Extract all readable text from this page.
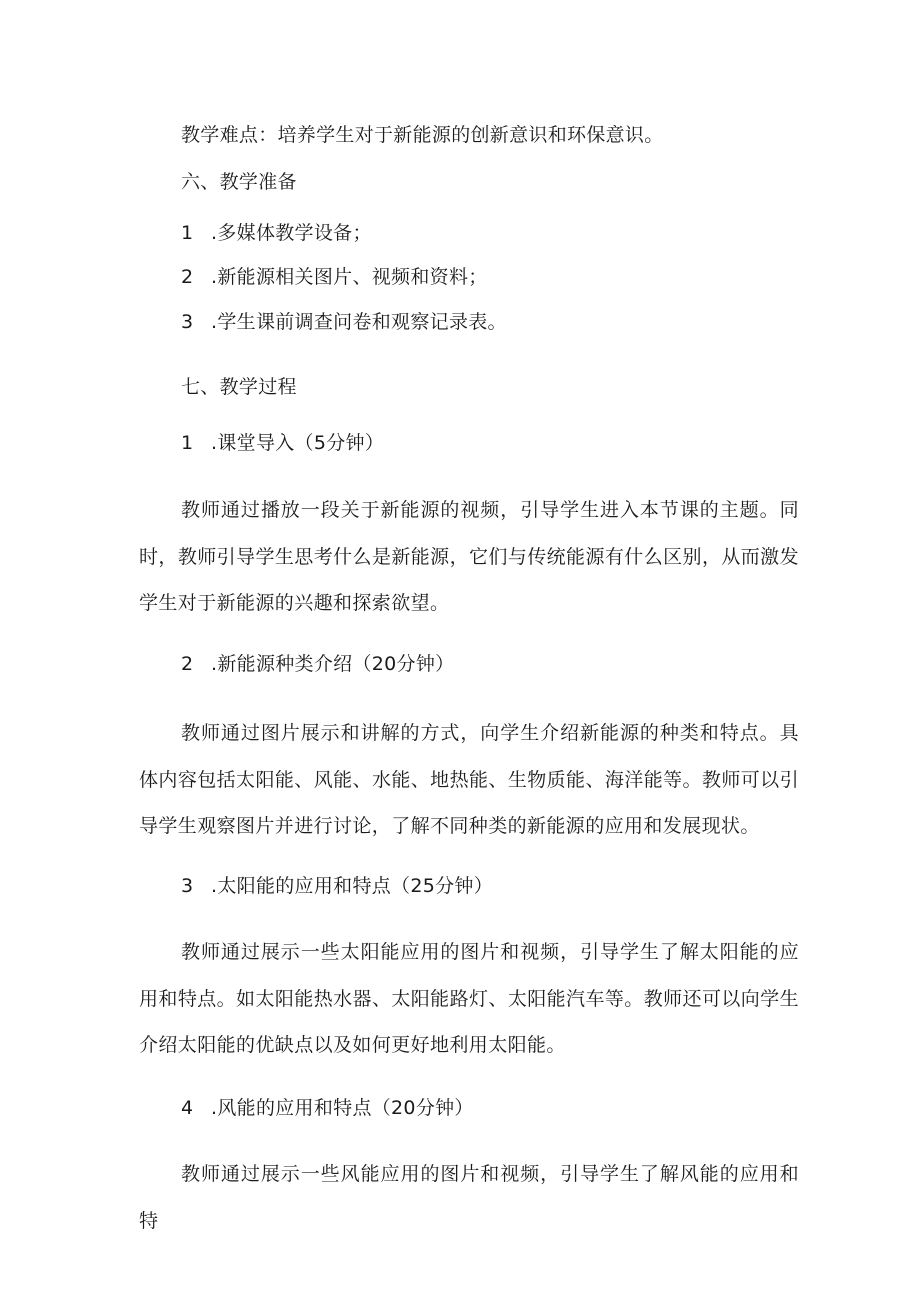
教学难点：培养学生对于新能源的创新意识和环保意识。
六、教学准备
1 .多媒体教学设备；
2 .新能源相关图片、视频和资料；
3 .学生课前调查问卷和观察记录表。
七、教学过程
1 .课堂导入（5分钟）
教师通过播放一段关于新能源的视频，引导学生进入本节课的主题。同时，教师引导学生思考什么是新能源，它们与传统能源有什么区别，从而激发学生对于新能源的兴趣和探索欲望。
2 .新能源种类介绍（20分钟）
教师通过图片展示和讲解的方式，向学生介绍新能源的种类和特点。具体内容包括太阳能、风能、水能、地热能、生物质能、海洋能等。教师可以引导学生观察图片并进行讨论，了解不同种类的新能源的应用和发展现状。
3 .太阳能的应用和特点（25分钟）
教师通过展示一些太阳能应用的图片和视频，引导学生了解太阳能的应用和特点。如太阳能热水器、太阳能路灯、太阳能汽车等。教师还可以向学生介绍太阳能的优缺点以及如何更好地利用太阳能。
4 .风能的应用和特点（20分钟）
教师通过展示一些风能应用的图片和视频，引导学生了解风能的应用和特
